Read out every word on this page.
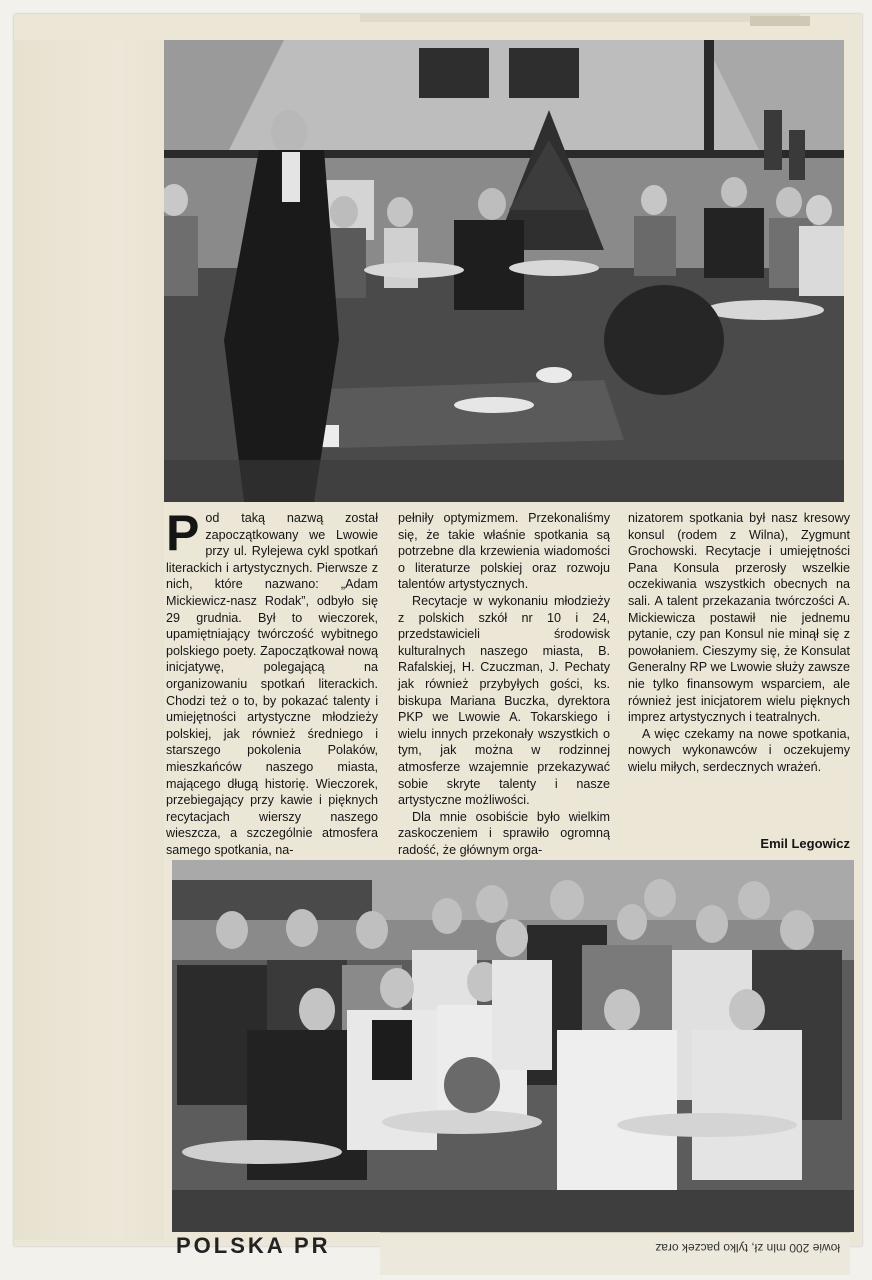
Pod taką nazwą został zapoczątkowany we Lwowie przy ul. Rylejewa cykl spotkań literackich i artystycznych. Pierwsze z nich, które nazwano: „Adam Mickiewicz-nasz Rodak”, odbyło się 29 grudnia. Był to wieczorek, upamiętniający twórczość wybitnego polskiego poety. Zapoczątkował nową inicjatywę, polegającą na organizowaniu spotkań literackich. Chodzi też o to, by pokazać talenty i umiejętności artystyczne młodzieży polskiej, jak również średniego i starszego pokolenia Polaków, mieszkańców naszego miasta, mającego długą historię. Wieczorek, przebiegający przy kawie i pięknych recytacjach wierszy naszego wieszcza, a szczególnie atmosfera samego spotkania, na-

pełniły optymizmem. Przekonaliśmy się, że takie właśnie spotkania są potrzebne dla krzewienia wiadomości o literaturze polskiej oraz rozwoju talentów artystycznych.

Recytacje w wykonaniu młodzieży z polskich szkół nr 10 i 24, przedstawicieli środowisk kulturalnych naszego miasta, B. Rafalskiej, H. Czuczman, J. Pechaty jak również przybyłych gości, ks. biskupa Mariana Buczka, dyrektora PKP we Lwowie A. Tokarskiego i wielu innych przekonały wszystkich o tym, jak można w rodzinnej atmosferze wzajemnie przekazywać sobie skryte talenty i nasze artystyczne możliwości.

Dla mnie osobiście było wielkim zaskoczeniem i sprawiło ogromną radość, że głównym orga-

nizatorem spotkania był nasz kresowy konsul (rodem z Wilna), Zygmunt Grochowski. Recytacje i umiejętności Pana Konsula przerosły wszelkie oczekiwania wszystkich obecnych na sali. A talent przekazania twórczości A. Mickiewicza postawił nie jednemu pytanie, czy pan Konsul nie minął się z powołaniem. Cieszymy się, że Konsulat Generalny RP we Lwowie służy zawsze nie tylko finansowym wsparciem, ale również jest inicjatorem wielu pięknych imprez artystycznych i teatralnych.

A więc czekamy na nowe spotkania, nowych wykonawców i oczekujemy wielu miłych, serdecznych wrażeń.

Emil Legowicz
POLSKA PR	łowie 200 mln zł, tylko paczek oraz
